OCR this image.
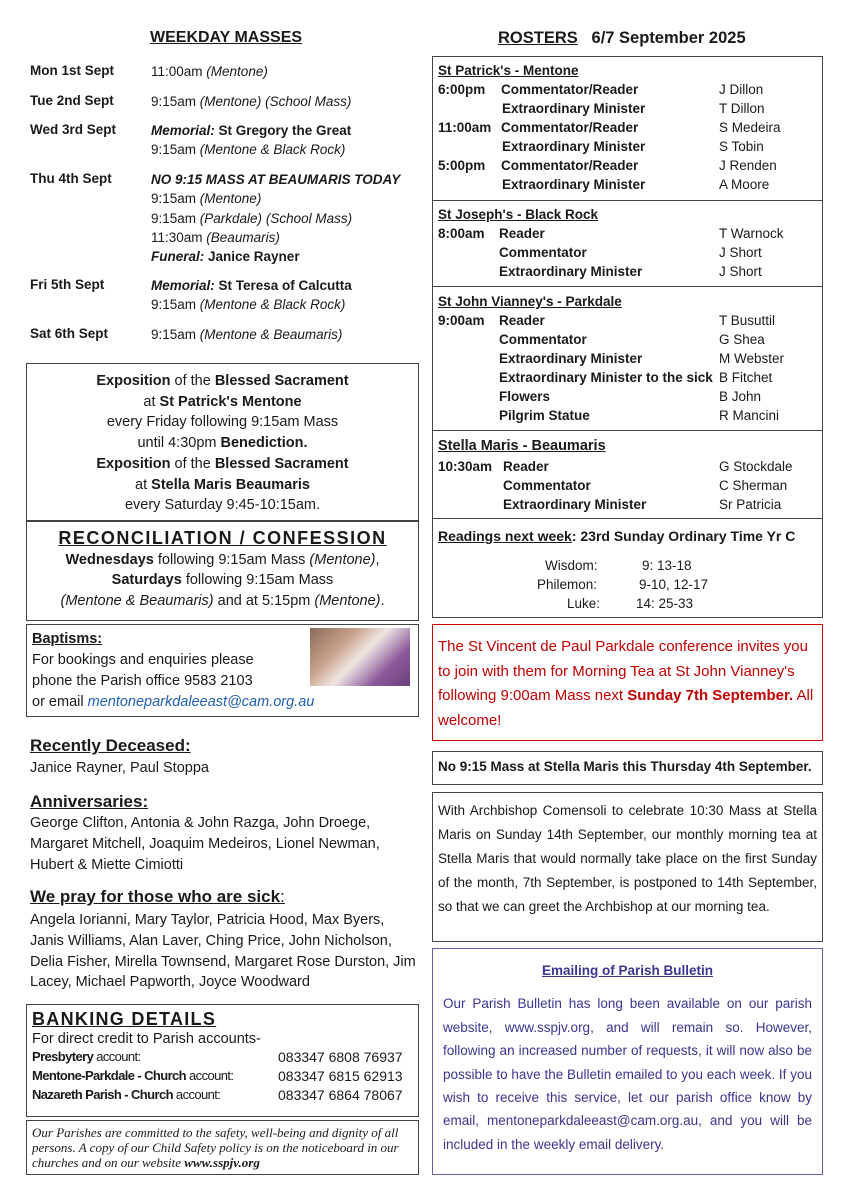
WEEKDAY MASSES
Mon 1st Sept	11:00am (Mentone)
Tue 2nd Sept	9:15am (Mentone) (School Mass)
Wed 3rd Sept	Memorial: St Gregory the Great
9:15am (Mentone & Black Rock)
Thu 4th Sept	NO 9:15 MASS AT BEAUMARIS TODAY
9:15am (Mentone)
9:15am (Parkdale) (School Mass)
11:30am (Beaumaris)
Funeral: Janice Rayner
Fri 5th Sept	Memorial: St Teresa of Calcutta
9:15am (Mentone & Black Rock)
Sat 6th Sept	9:15am (Mentone & Beaumaris)
Exposition of the Blessed Sacrament
at St Patrick's Mentone
every Friday following 9:15am Mass
until 4:30pm Benediction.
Exposition of the Blessed Sacrament
at Stella Maris Beaumaris
every Saturday 9:45-10:15am.
RECONCILIATION / CONFESSION
Wednesdays following 9:15am Mass (Mentone),
Saturdays following 9:15am Mass
(Mentone & Beaumaris) and at 5:15pm (Mentone).
Baptisms:
For bookings and enquiries please
phone the Parish office 9583 2103
or email mentoneparkdaleeast@cam.org.au
Recently Deceased:
Janice Rayner, Paul Stoppa
Anniversaries:
George Clifton, Antonia & John Razga, John Droege, Margaret Mitchell, Joaquim Medeiros, Lionel Newman, Hubert & Miette Cimiotti
We pray for those who are sick:
Angela Iorianni, Mary Taylor, Patricia Hood, Max Byers, Janis Williams, Alan Laver, Ching Price, John Nicholson, Delia Fisher, Mirella Townsend, Margaret Rose Durston, Jim Lacey, Michael Papworth, Joyce Woodward
BANKING DETAILS
For direct credit to Parish accounts-
Presbytery account:	083347 6808 76937
Mentone-Parkdale - Church account:	083347 6815 62913
Nazareth Parish - Church account:	083347 6864 78067
Our Parishes are committed to the safety, well-being and dignity of all persons. A copy of our Child Safety policy is on the noticeboard in our churches and on our website www.sspjv.org
ROSTERS 6/7 September 2025
St Patrick's - Mentone
6:00pm Commentator/Reader	J Dillon
Extraordinary Minister	T Dillon
11:00am Commentator/Reader	S Medeira
Extraordinary Minister	S Tobin
5:00pm Commentator/Reader	J Renden
Extraordinary Minister	A Moore
St Joseph's - Black Rock
8:00am Reader	T Warnock
Commentator	J Short
Extraordinary Minister	J Short
St John Vianney's - Parkdale
9:00am Reader	T Busuttil
Commentator	G Shea
Extraordinary Minister	M Webster
Extraordinary Minister to the sick B Fitchet
Flowers	B John
Pilgrim Statue	R Mancini
Stella Maris - Beaumaris
10:30am Reader	G Stockdale
Commentator	C Sherman
Extraordinary Minister	Sr Patricia
Readings next week: 23rd Sunday Ordinary Time Yr C
Wisdom:	9: 13-18
Philemon:	9-10, 12-17
Luke:	14: 25-33
The St Vincent de Paul Parkdale conference invites you to join with them for Morning Tea at St John Vianney's following 9:00am Mass next Sunday 7th September. All welcome!
No 9:15 Mass at Stella Maris this Thursday 4th September.
With Archbishop Comensoli to celebrate 10:30 Mass at Stella Maris on Sunday 14th September, our monthly morning tea at Stella Maris that would normally take place on the first Sunday of the month, 7th September, is postponed to 14th September, so that we can greet the Archbishop at our morning tea.
Emailing of Parish Bulletin
Our Parish Bulletin has long been available on our parish website, www.sspjv.org, and will remain so. However, following an increased number of requests, it will now also be possible to have the Bulletin emailed to you each week. If you wish to receive this service, let our parish office know by email, mentoneparkdaleeast@cam.org.au, and you will be included in the weekly email delivery.
